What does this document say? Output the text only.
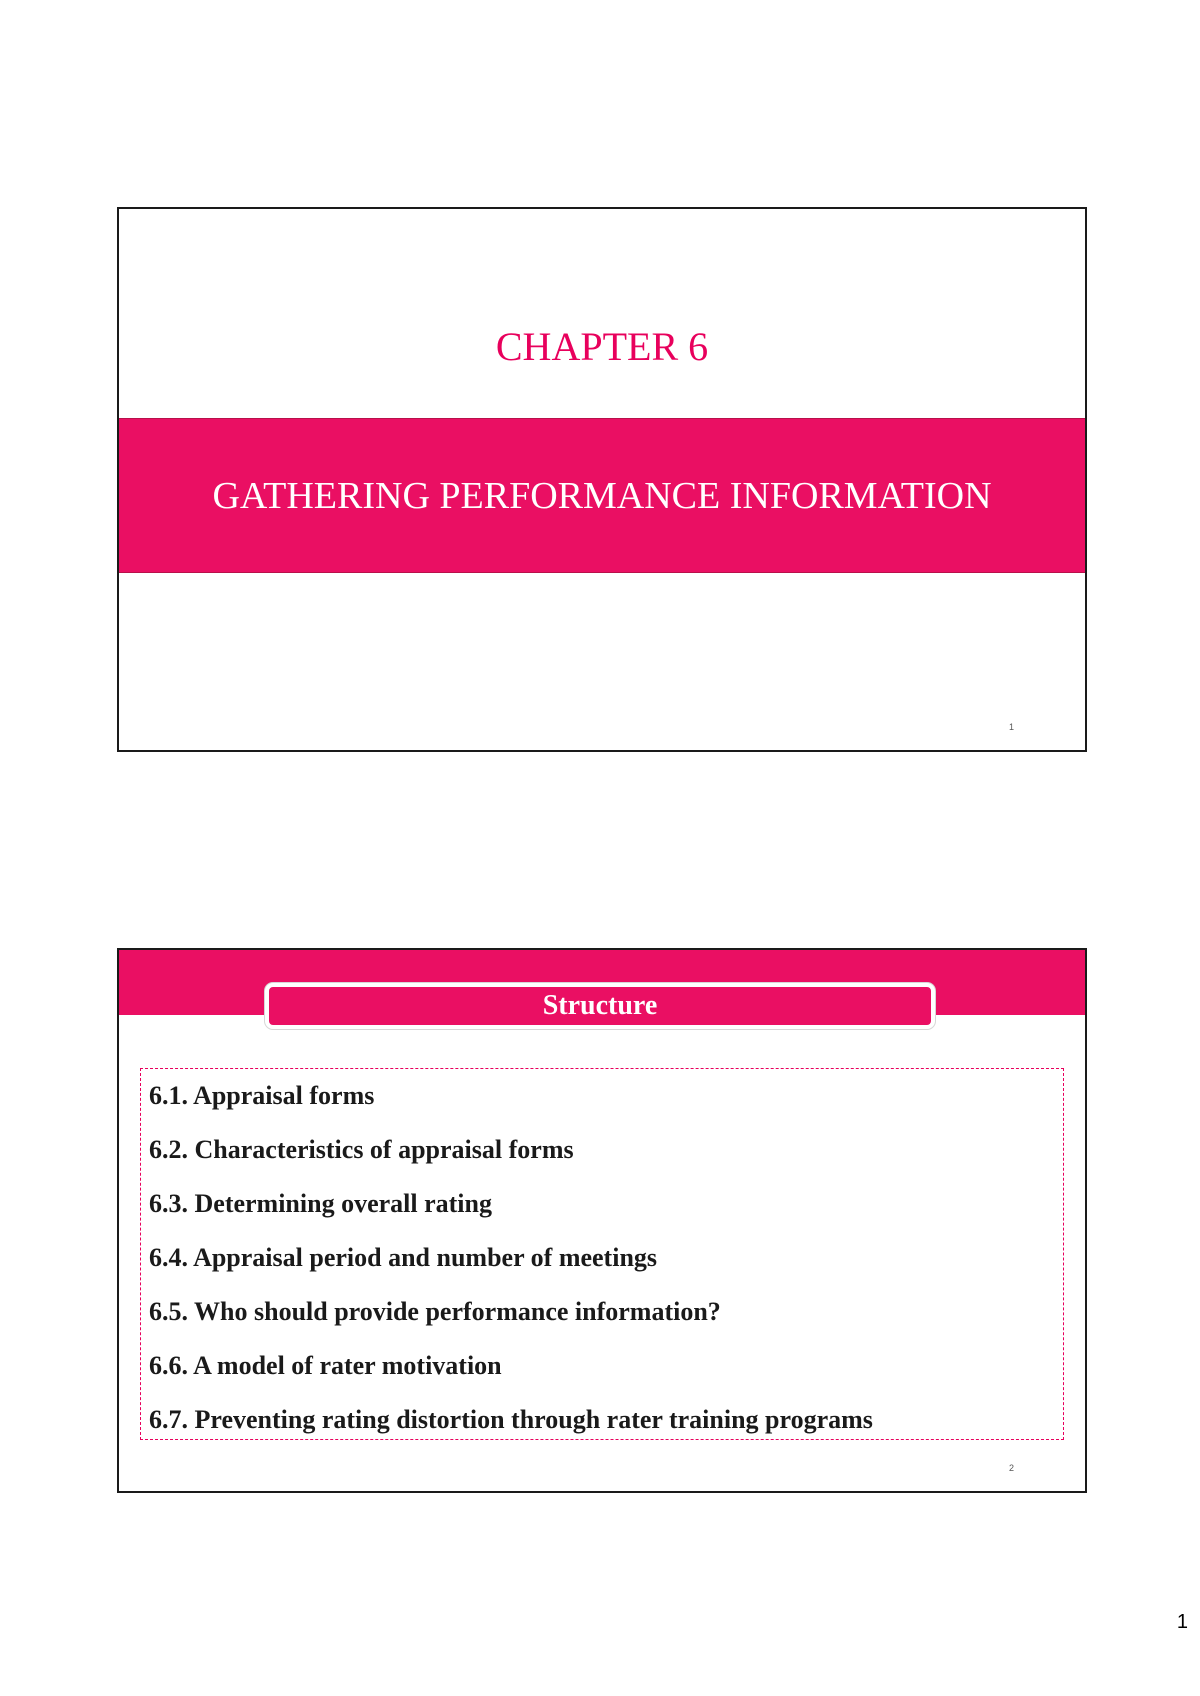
CHAPTER 6
GATHERING PERFORMANCE INFORMATION
1
Structure
6.1. Appraisal forms
6.2. Characteristics of appraisal forms
6.3. Determining overall rating
6.4. Appraisal period and number of meetings
6.5. Who should provide performance information?
6.6. A model of rater motivation
6.7. Preventing rating distortion through rater training programs
2
1
